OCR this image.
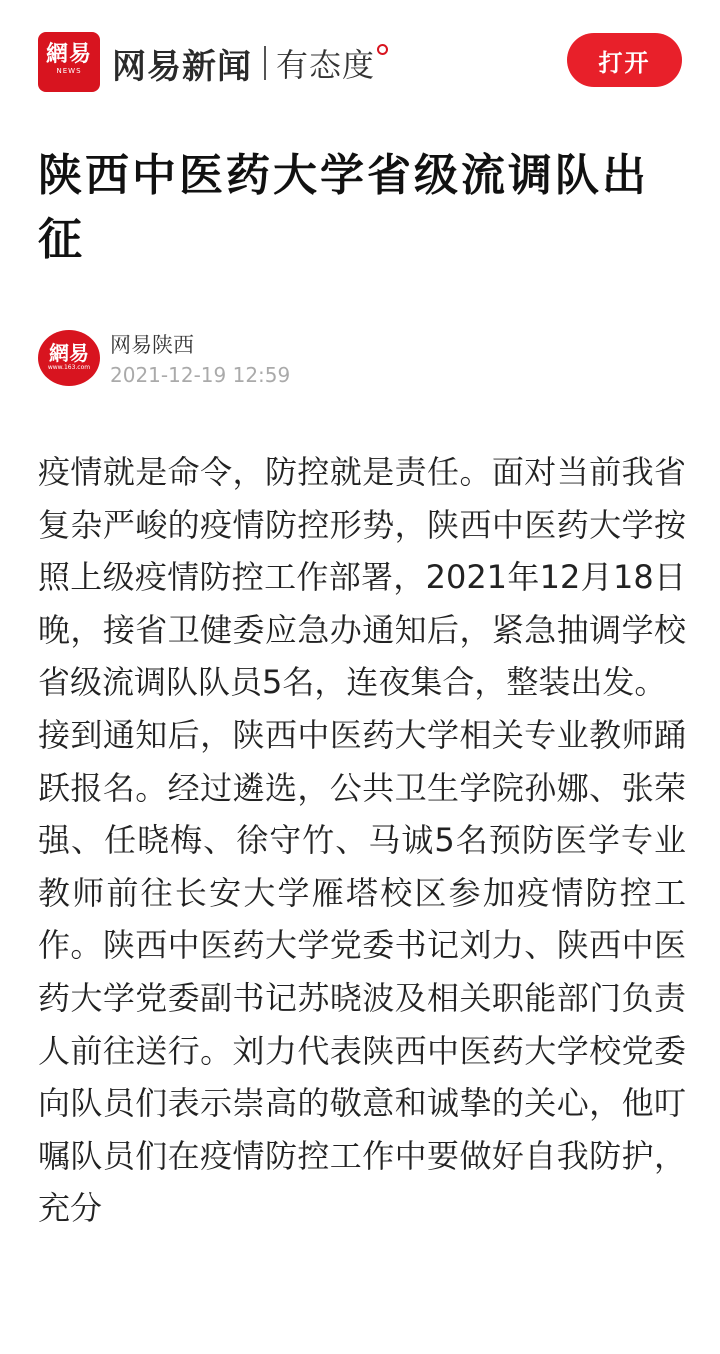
網易
NEWS 网易新闻 有态度	打开
陕西中医药大学省级流调队出征
網易
www.163.com
网易陕西
2021-12-19 12:59

疫情就是命令，防控就是责任。面对当前我省复杂严峻的疫情防控形势，陕西中医药大学按照上级疫情防控工作部署，2021年12月18日晚，接省卫健委应急办通知后，紧急抽调学校省级流调队队员5名，连夜集合，整装出发。

接到通知后，陕西中医药大学相关专业教师踊跃报名。经过遴选，公共卫生学院孙娜、张荣强、任晓梅、徐守竹、马诚5名预防医学专业教师前往长安大学雁塔校区参加疫情防控工作。陕西中医药大学党委书记刘力、陕西中医药大学党委副书记苏晓波及相关职能部门负责人前往送行。刘力代表陕西中医药大学校党委向队员们表示崇高的敬意和诚挚的关心，他叮嘱队员们在疫情防控工作中要做好自我防护，充分
